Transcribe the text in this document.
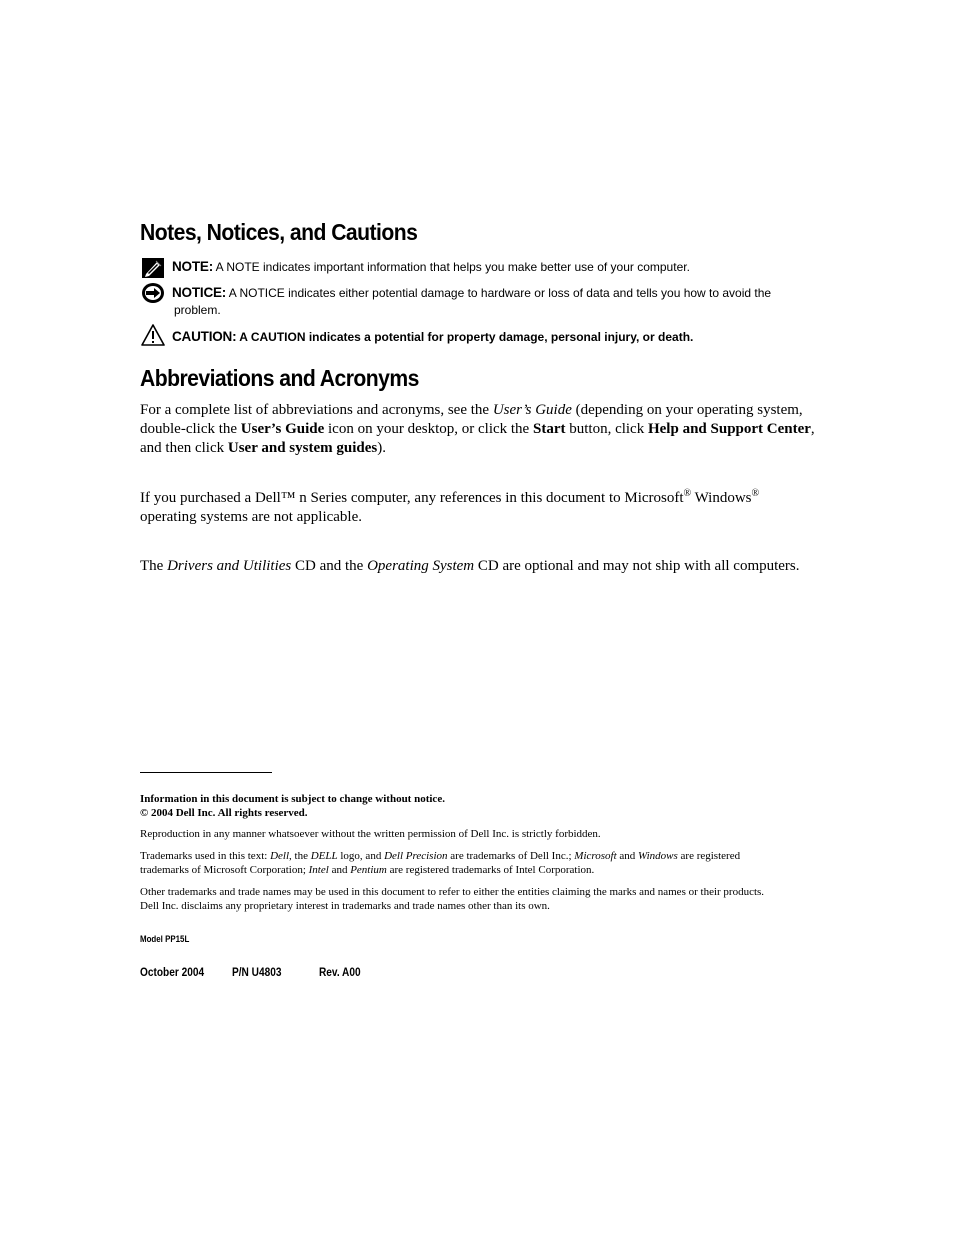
Notes, Notices, and Cautions
NOTE: A NOTE indicates important information that helps you make better use of your computer.
NOTICE: A NOTICE indicates either potential damage to hardware or loss of data and tells you how to avoid the
problem.
CAUTION: A CAUTION indicates a potential for property damage, personal injury, or death.
Abbreviations and Acronyms
For a complete list of abbreviations and acronyms, see the User’s Guide (depending on your operating system,
double-click the User’s Guide icon on your desktop, or click the Start button, click Help and Support Center,
and then click User and system guides).
If you purchased a Dell™ n Series computer, any references in this document to Microsoft® Windows®
operating systems are not applicable.
The Drivers and Utilities CD and the Operating System CD are optional and may not ship with all computers.
Information in this document is subject to change without notice.
© 2004 Dell Inc. All rights reserved.
Reproduction in any manner whatsoever without the written permission of Dell Inc. is strictly forbidden.
Trademarks used in this text: Dell, the DELL logo, and Dell Precision are trademarks of Dell Inc.; Microsoft and Windows are registered
trademarks of Microsoft Corporation; Intel and Pentium are registered trademarks of Intel Corporation.
Other trademarks and trade names may be used in this document to refer to either the entities claiming the marks and names or their products.
Dell Inc. disclaims any proprietary interest in trademarks and trade names other than its own.
Model PP15L
October 2004 P/N U4803	Rev. A00
